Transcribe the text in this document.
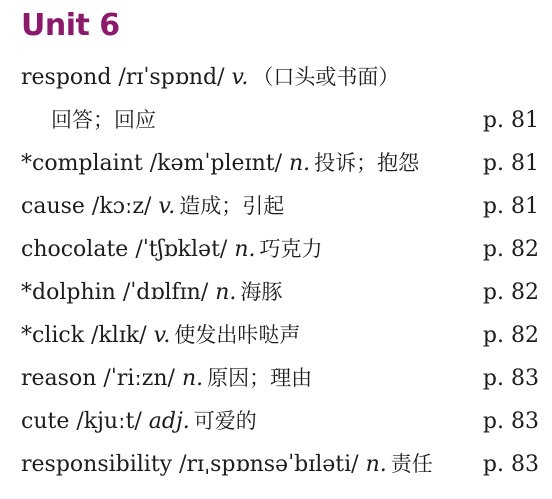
Unit 6
respond /rɪˈspɒnd/ v. （口头或书面）
回答；回应	p. 81
*complaint /kəmˈpleɪnt/ n. 投诉；抱怨	p. 81
cause /kɔːz/ v. 造成；引起	p. 81
chocolate /ˈtʃɒklət/ n. 巧克力	p. 82
*dolphin /ˈdɒlfɪn/ n. 海豚	p. 82
*click /klɪk/ v. 使发出咔哒声	p. 82
reason /ˈriːzn/ n. 原因；理由	p. 83
cute /kjuːt/ adj. 可爱的	p. 83
responsibility /rɪˌspɒnsəˈbɪləti/ n. 责任 p. 83
